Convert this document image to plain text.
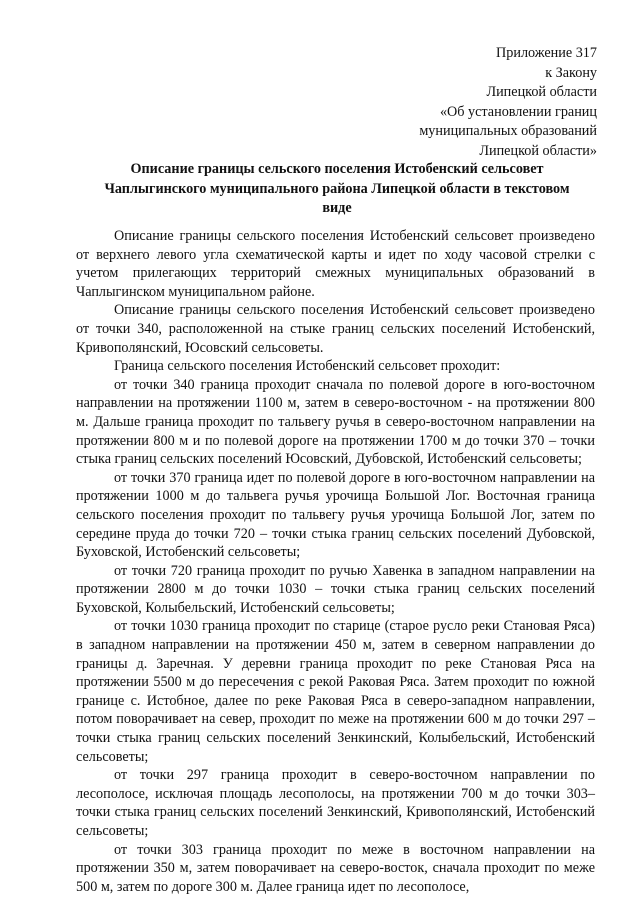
Приложение 317
к Закону
Липецкой области
«Об установлении границ
муниципальных образований
Липецкой области»
Описание границы сельского поселения Истобенский сельсовет
Чаплыгинского муниципального района Липецкой области в текстовом
виде

Описание границы сельского поселения Истобенский сельсовет произведено от верхнего левого угла схематической карты и идет по ходу часовой стрелки с учетом прилегающих территорий смежных муниципальных образований в Чаплыгинском муниципальном районе.

Описание границы сельского поселения Истобенский сельсовет произведено от точки 340, расположенной на стыке границ сельских поселений Истобенский, Кривополянский, Юсовский сельсоветы.

Граница сельского поселения Истобенский сельсовет проходит:

от точки 340 граница проходит сначала по полевой дороге в юго-восточном направлении на протяжении 1100 м, затем в северо-восточном - на протяжении 800 м. Дальше граница проходит по тальвегу ручья в северо-восточном направлении на протяжении 800 м и по полевой дороге на протяжении 1700 м до точки 370 – точки стыка границ сельских поселений Юсовский, Дубовской, Истобенский сельсоветы;

от точки 370 граница идет по полевой дороге в юго-восточном направлении на протяжении 1000 м до тальвега ручья урочища Большой Лог. Восточная граница сельского поселения проходит по тальвегу ручья урочища Большой Лог, затем по середине пруда до точки 720 – точки стыка границ сельских поселений Дубовской, Буховской, Истобенский сельсоветы;

от точки 720 граница проходит по ручью Хавенка в западном направлении на протяжении 2800 м до точки 1030 – точки стыка границ сельских поселений Буховской, Колыбельский, Истобенский сельсоветы;

от точки 1030 граница проходит по старице (старое русло реки Становая Ряса) в западном направлении на протяжении 450 м, затем в северном направлении до границы д. Заречная. У деревни граница проходит по реке Становая Ряса на протяжении 5500 м до пересечения с рекой Раковая Ряса. Затем проходит по южной границе с. Истобное, далее по реке Раковая Ряса в северо-западном направлении, потом поворачивает на север, проходит по меже на протяжении 600 м до точки 297 – точки стыка границ сельских поселений Зенкинский, Колыбельский, Истобенский сельсоветы;

от точки 297 граница проходит в северо-восточном направлении по лесополосе, исключая площадь лесополосы, на протяжении 700 м до точки 303– точки стыка границ сельских поселений Зенкинский, Кривополянский, Истобенский сельсоветы;

от точки 303 граница проходит по меже в восточном направлении на протяжении 350 м, затем поворачивает на северо-восток, сначала проходит по меже 500 м, затем по дороге 300 м. Далее граница идет по лесополосе,
